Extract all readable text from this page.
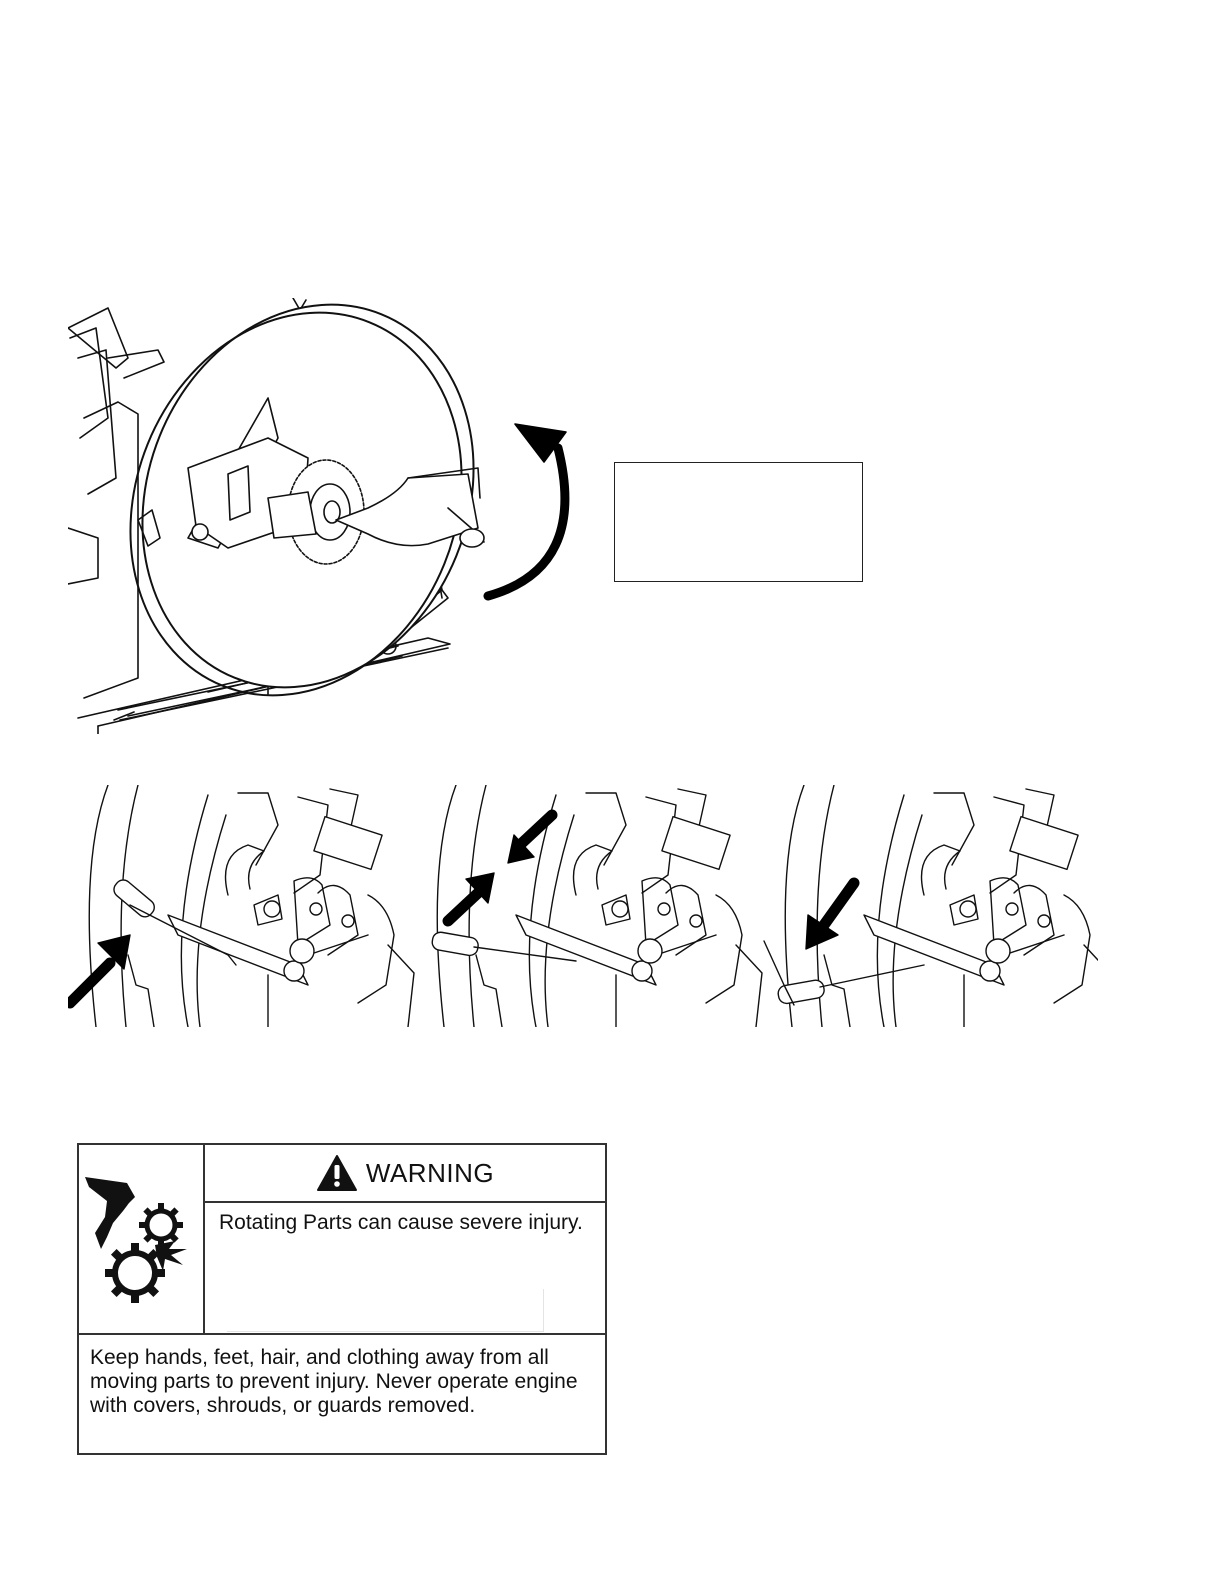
WARNING
Rotating Parts can cause severe injury.
Keep hands, feet, hair, and clothing away from all moving parts to prevent injury. Never operate engine with covers, shrouds, or guards removed.
